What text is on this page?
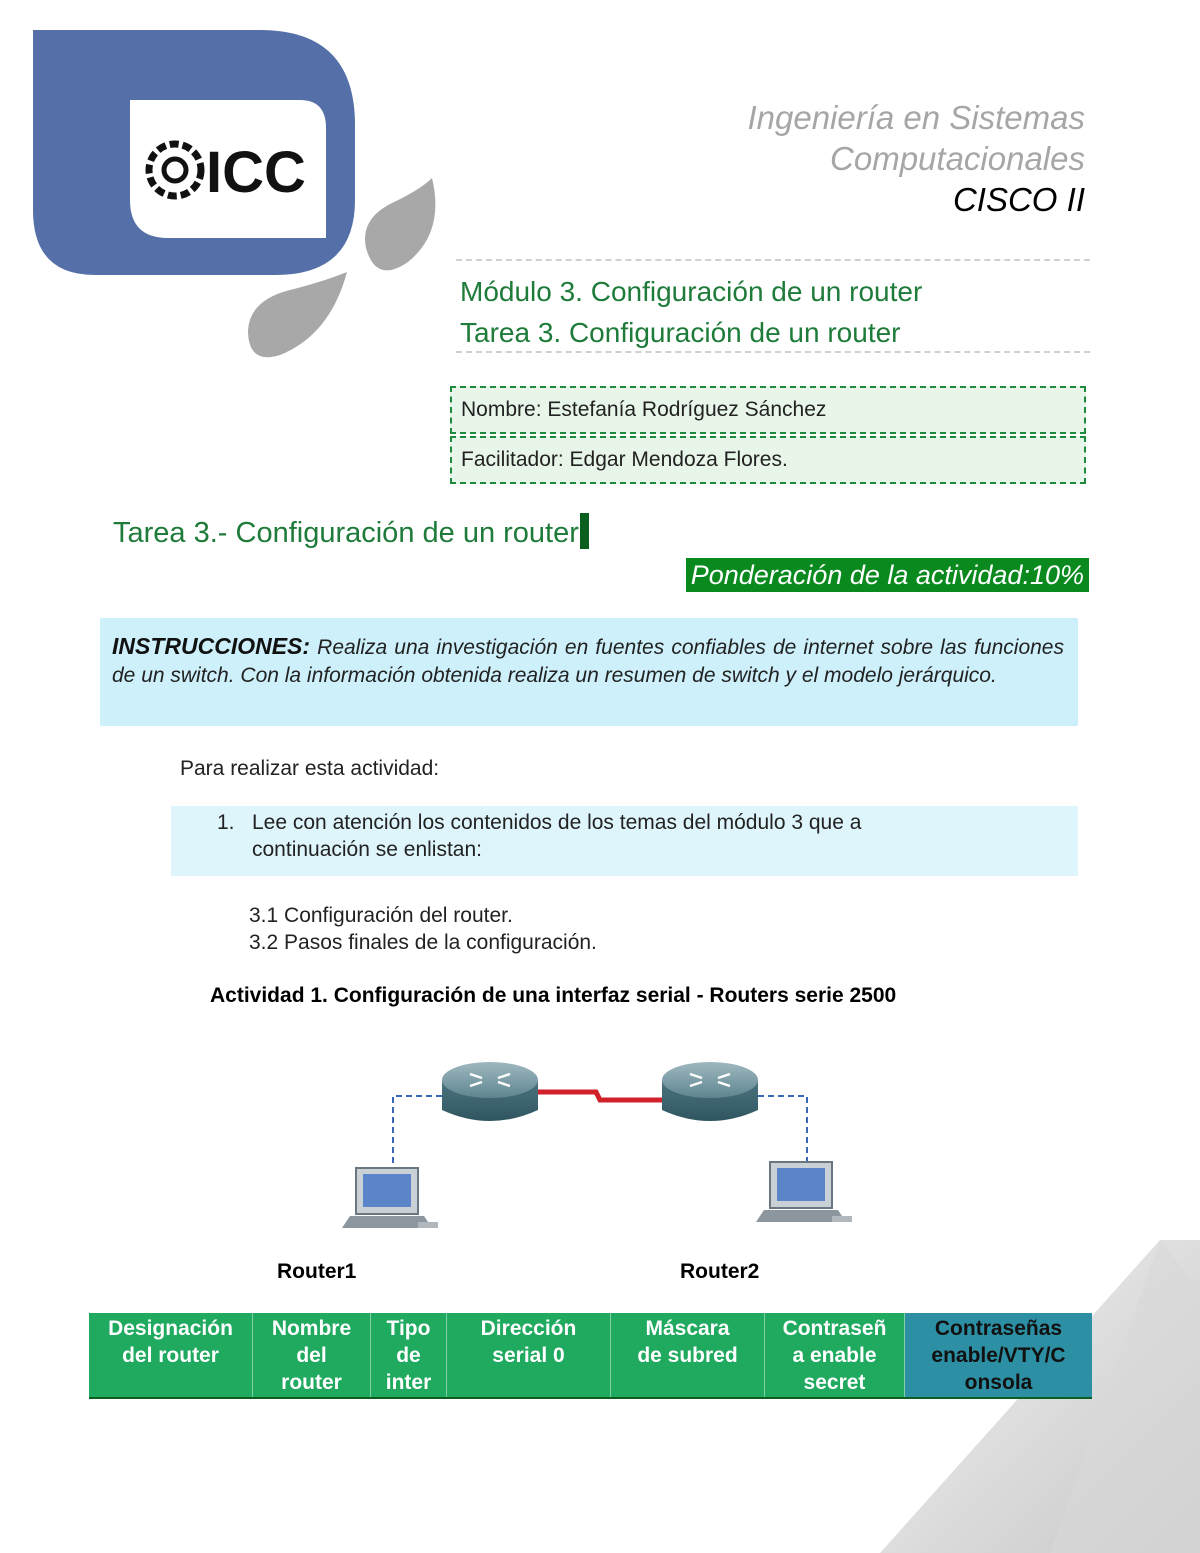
ICC
Ingeniería en Sistemas
Computacionales
CISCO II
Módulo 3. Configuración de un router
Tarea 3. Configuración de un router
Nombre: Estefanía Rodríguez Sánchez
Facilitador: Edgar Mendoza Flores.
Tarea 3.- Configuración de un router
Ponderación de la actividad:10%
INSTRUCCIONES: Realiza una investigación en fuentes confiables de internet sobre las funciones de un switch. Con la información obtenida realiza un resumen de switch y el modelo jerárquico.
Para realizar esta actividad:
1. Lee con atención los contenidos de los temas del módulo 3 que a
continuación se enlistan:
3.1 Configuración del router.
3.2 Pasos finales de la configuración.
Actividad 1. Configuración de una interfaz serial - Routers serie 2500
Router1	Router2
Designación
del router
Nombre
del
router
Tipo
de
inter
Dirección
serial 0
Máscara
de subred
Contraseñ
a enable
secret
Contraseñas
enable/VTY/C
onsola
